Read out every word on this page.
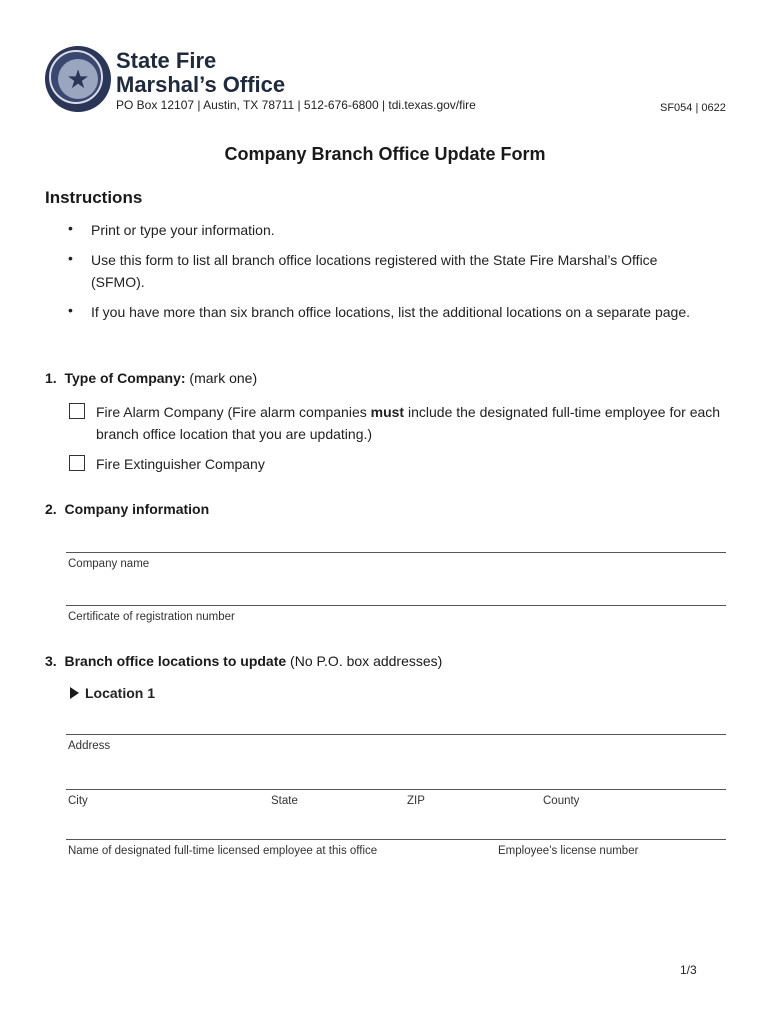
★
State Fire
Marshal’s Office
PO Box 12107 | Austin, TX 78711 | 512-676-6800 | tdi.texas.gov/fire	SF054 | 0622
Company Branch Office Update Form
Instructions
• Print or type your information.
• Use this form to list all branch office locations registered with the State Fire Marshal’s Office (SFMO).
• If you have more than six branch office locations, list the additional locations on a separate page.
1. Type of Company: (mark one)
Fire Alarm Company (Fire alarm companies must include the designated full-time employee for each branch office location that you are updating.)
Fire Extinguisher Company
2. Company information
Company name
Certificate of registration number
3. Branch office locations to update (No P.O. box addresses)
Location 1
Address
City	State	ZIP	County
Name of designated full-time licensed employee at this office	Employee’s license number
1/3
